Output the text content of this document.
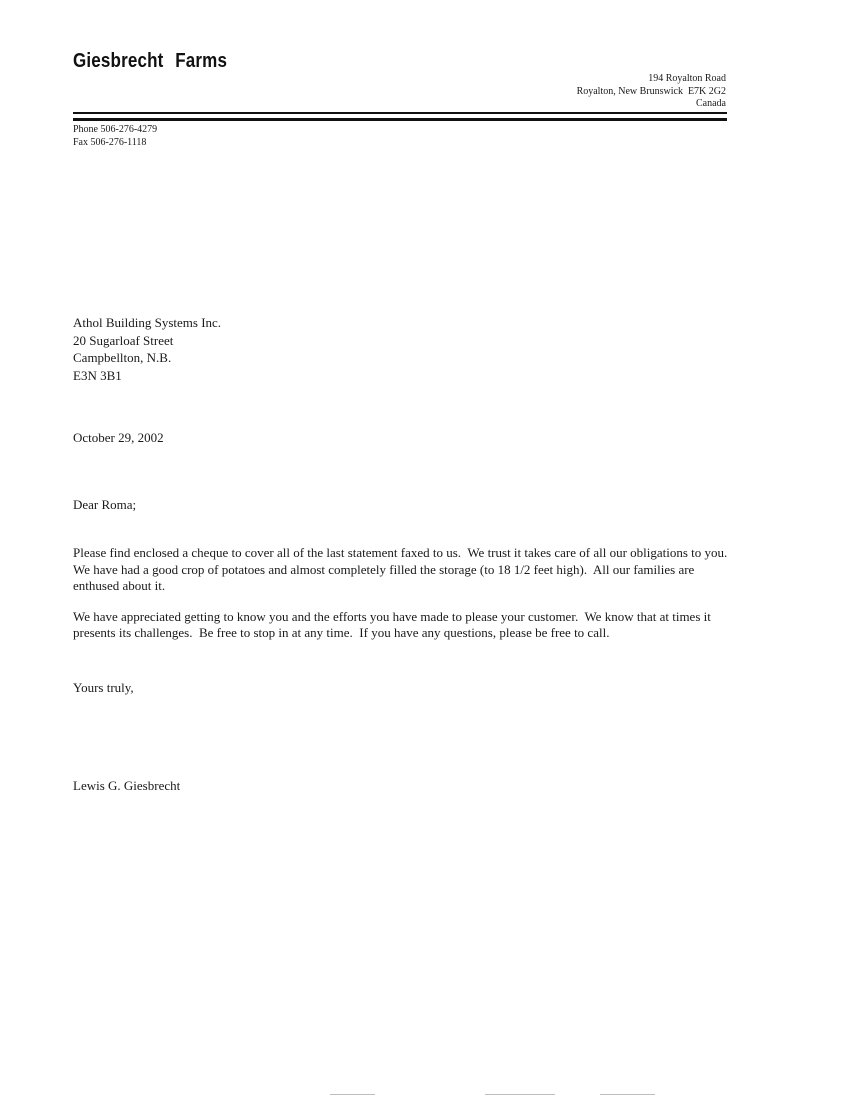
Giesbrecht Farms
194 Royalton Road
Royalton, New Brunswick  E7K 2G2
Canada
Phone 506-276-4279
Fax 506-276-1118
Athol Building Systems Inc.
20 Sugarloaf Street
Campbellton, N.B.
E3N 3B1
October 29, 2002
Dear Roma;

Please find enclosed a cheque to cover all of the last statement faxed to us.  We trust it takes care of all our obligations to you.  We have had a good crop of potatoes and almost completely filled the storage (to 18 1/2 feet high).  All our families are enthused about it.

We have appreciated getting to know you and the efforts you have made to please your customer.  We know that at times it  presents its challenges.  Be free to stop in at any time.  If you have any questions, please be free to call.

Yours truly,
Lewis G. Giesbrecht
